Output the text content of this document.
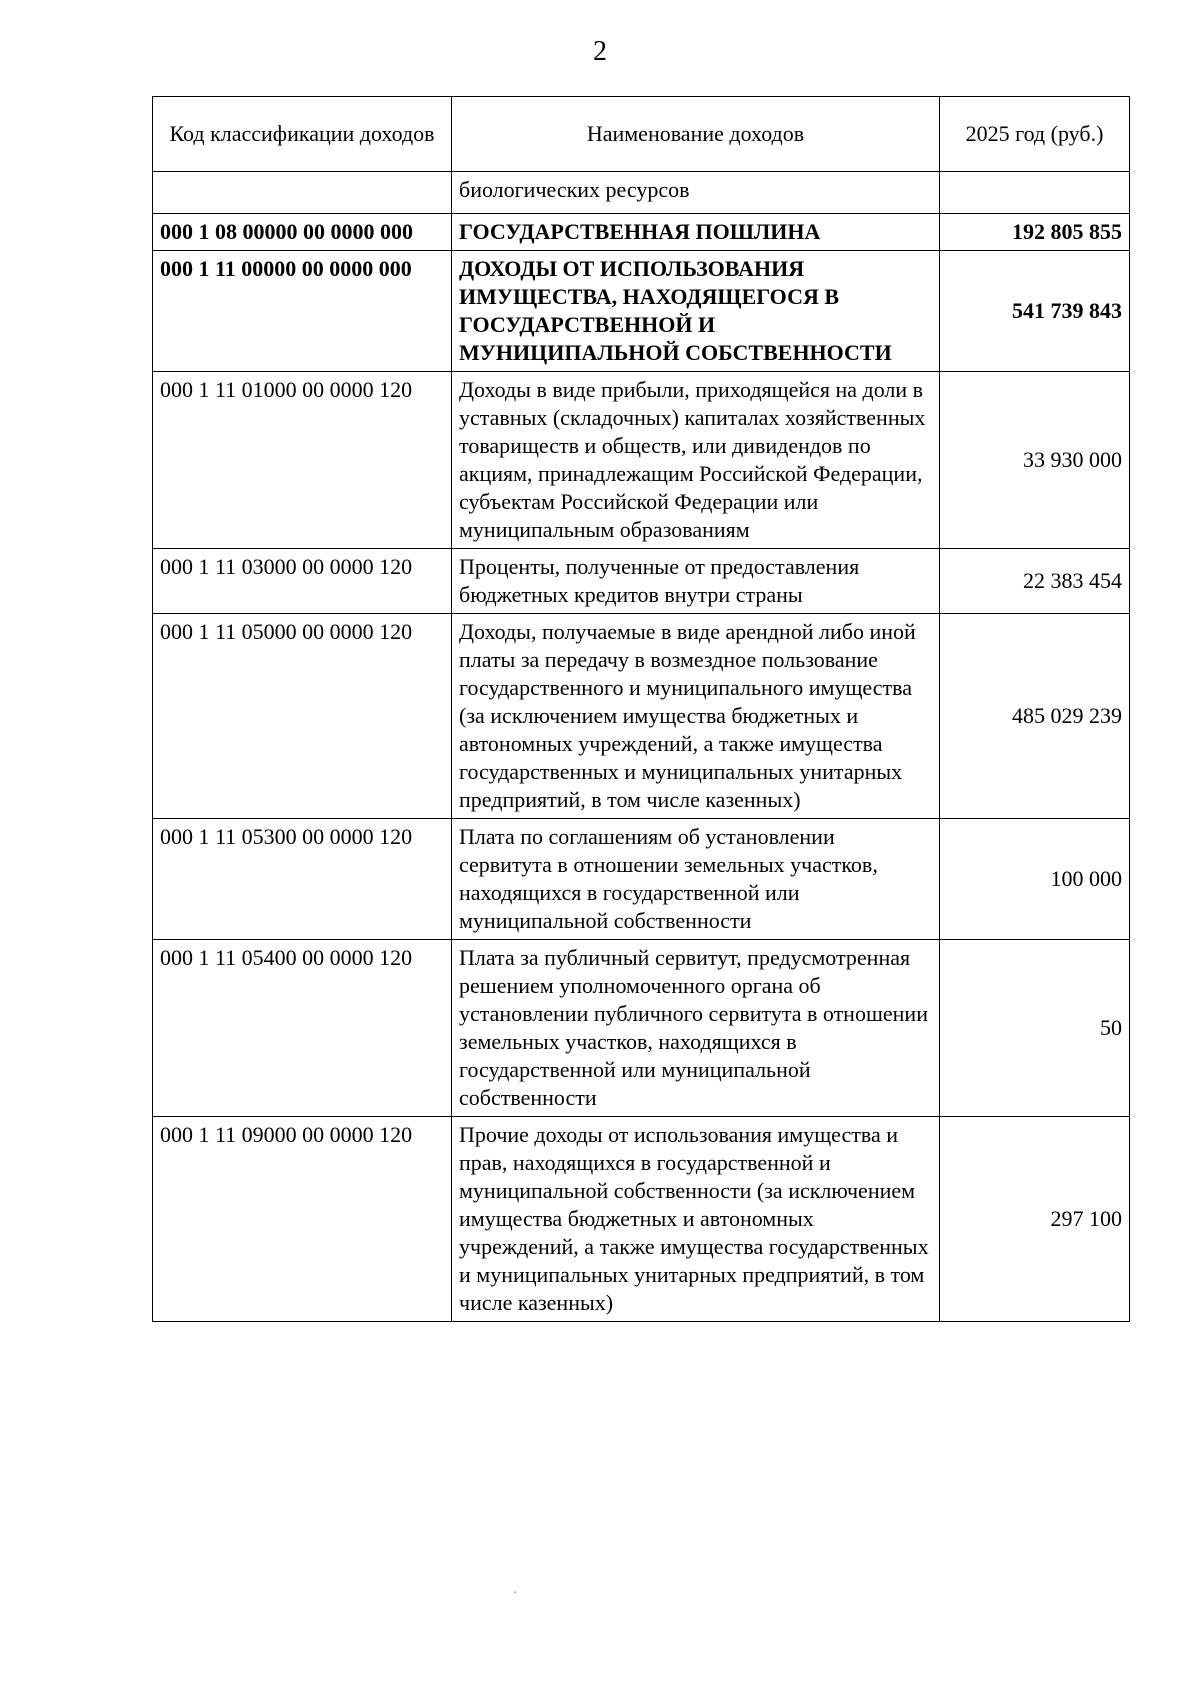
2
Код классификации доходов	Наименование доходов	2025 год (руб.)
	биологических ресурсов	
000 1 08 00000 00 0000 000	ГОСУДАРСТВЕННАЯ ПОШЛИНА	192 805 855
000 1 11 00000 00 0000 000	ДОХОДЫ ОТ ИСПОЛЬЗОВАНИЯ ИМУЩЕСТВА, НАХОДЯЩЕГОСЯ В ГОСУДАРСТВЕННОЙ И МУНИЦИПАЛЬНОЙ СОБСТВЕННОСТИ	541 739 843
000 1 11 01000 00 0000 120	Доходы в виде прибыли, приходящейся на доли в уставных (складочных) капиталах хозяйственных товариществ и обществ, или дивидендов по акциям, принадлежащим Российской Федерации, субъектам Российской Федерации или муниципальным образованиям	33 930 000
000 1 11 03000 00 0000 120	Проценты, полученные от предоставления бюджетных кредитов внутри страны	22 383 454
000 1 11 05000 00 0000 120	Доходы, получаемые в виде арендной либо иной платы за передачу в возмездное пользование государственного и муниципального имущества (за исключением имущества бюджетных и автономных учреждений, а также имущества государственных и муниципальных унитарных предприятий, в том числе казенных)	485 029 239
000 1 11 05300 00 0000 120	Плата по соглашениям об установлении сервитута в отношении земельных участков, находящихся в государственной или муниципальной собственности	100 000
000 1 11 05400 00 0000 120	Плата за публичный сервитут, предусмотренная решением уполномоченного органа об установлении публичного сервитута в отношении земельных участков, находящихся в государственной или муниципальной собственности	50
000 1 11 09000 00 0000 120	Прочие доходы от использования имущества и прав, находящихся в государственной и муниципальной собственности (за исключением имущества бюджетных и автономных учреждений, а также имущества государственных и муниципальных унитарных предприятий, в том числе казенных)	297 100
·
